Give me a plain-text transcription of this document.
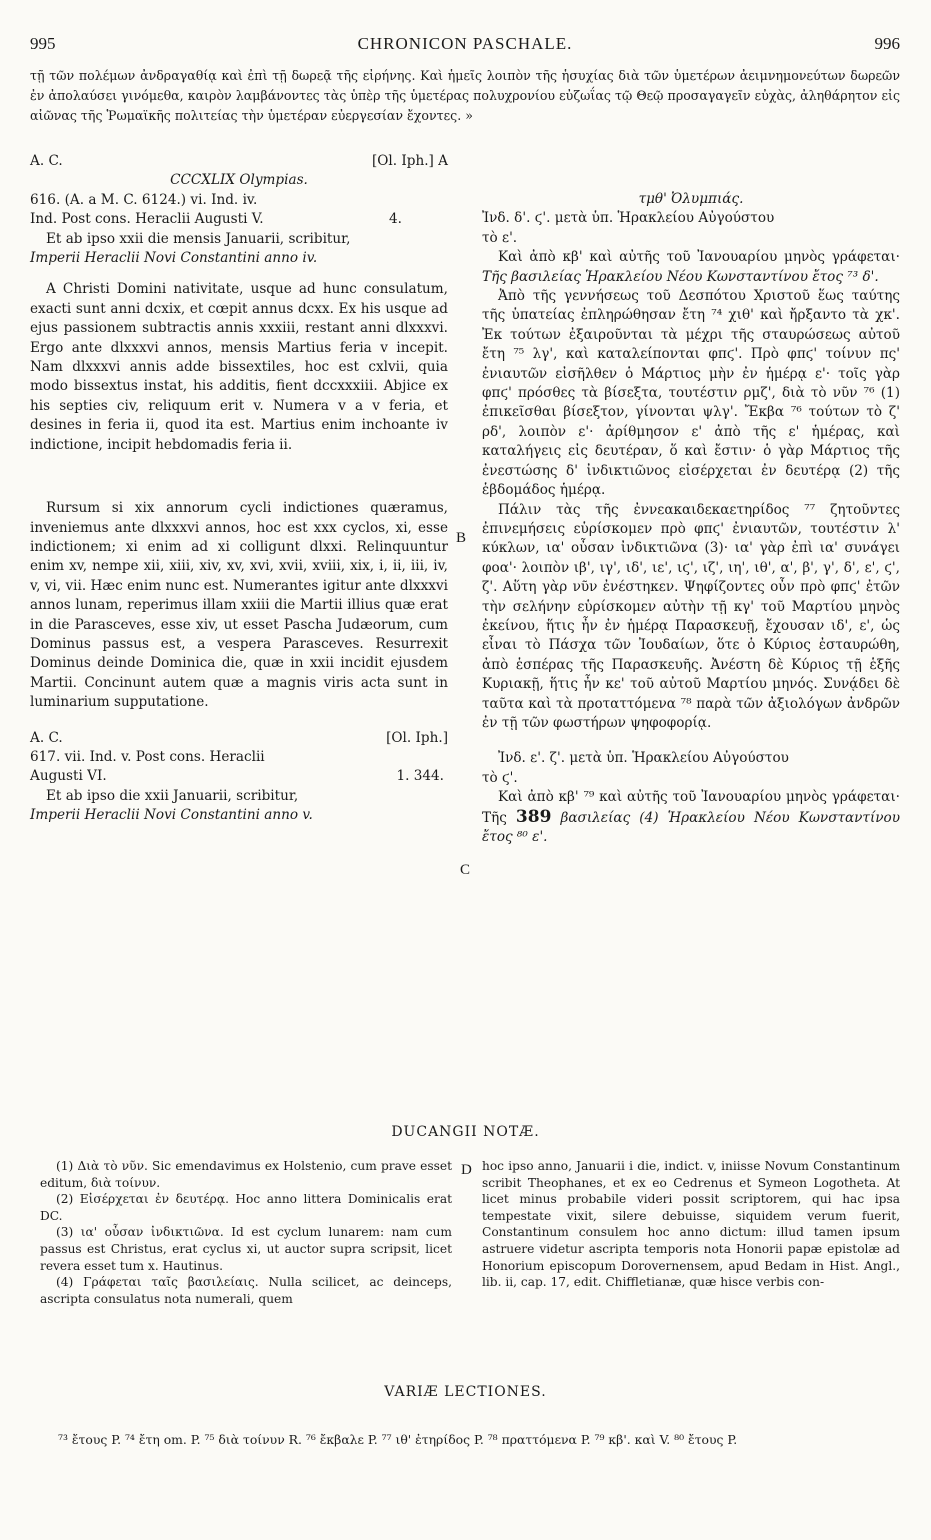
995	CHRONICON PASCHALE.	996

τῇ τῶν πολέμων ἀνδραγαθίᾳ καὶ ἐπὶ τῇ δωρεᾷ τῆς εἰρήνης. Καὶ ἡμεῖς λοιπὸν τῆς ἡσυχίας διὰ τῶν ὑμετέρων ἀειμνημονεύτων δωρεῶν ἐν ἀπολαύσει γινόμεθα, καιρὸν λαμβάνοντες τὰς ὑπὲρ τῆς ὑμετέρας πολυχρονίου εὐζωΐας τῷ Θεῷ προσαγαγεῖν εὐχὰς, ἀληθάρητον εἰς αἰῶνας τῆς Ῥωμαϊκῆς πολιτείας τὴν ὑμετέραν εὐεργεσίαν ἔχοντες. »

A. C.	[Ol. Iph.] A
CCCXLIX Olympias.
616. (A. a M. C. 6124.) vi. Ind. iv.
Ind. Post cons. Heraclii Augusti V.	4.

Et ab ipso xxii die mensis Januarii, scribitur,

Imperii Heraclii Novi Constantini anno iv.

A Christi Domini nativitate, usque ad hunc consulatum, exacti sunt anni dcxix, et cœpit annus dcxx. Ex his usque ad ejus passionem subtractis annis xxxiii, restant anni dlxxxvi. Ergo ante dlxxxvi annos, mensis Martius feria v incepit. Nam dlxxxvi annis adde bissextiles, hoc est cxlvii, quia modo bissextus instat, his additis, fient dccxxxiii. Abjice ex his septies civ, reliquum erit v. Numera v a v feria, et desines in feria ii, quod ita est. Martius enim inchoante iv indictione, incipit hebdomadis feria ii.

Rursum si xix annorum cycli indictiones quæramus, inveniemus ante dlxxxvi annos, hoc est xxx cyclos, xi, esse indictionem; xi enim ad xi colligunt dlxxi. Relinquuntur enim xv, nempe xii, xiii, xiv, xv, xvi, xvii, xviii, xix, i, ii, iii, iv, v, vi, vii. Hæc enim nunc est. Numerantes igitur ante dlxxxvi annos lunam, reperimus illam xxiii die Martii illius quæ erat in die Parasceves, esse xiv, ut esset Pascha Judæorum, cum Dominus passus est, a vespera Parasceves. Resurrexit Dominus deinde Dominica die, quæ in xxii incidit ejusdem Martii. Concinunt autem quæ a magnis viris acta sunt in luminarium supputatione.

A. C.	[Ol. Iph.]
617. vii. Ind. v. Post cons. Heraclii
Augusti VI.	1. 344.

Et ab ipso die xxii Januarii, scribitur,

Imperii Heraclii Novi Constantini anno v.

τμθ' Ὀλυμπιάς.
Ἰνδ. δ'. ϛ'. μετὰ ὑπ. Ἡρακλείου Αὐγούστου
τὸ ε'.

Καὶ ἀπὸ κβ' καὶ αὐτῆς τοῦ Ἰανουαρίου μηνὸς γράφεται· Τῆς βασιλείας Ἡρακλείου Νέου Κωνσταντίνου ἔτος ⁷³ δ'.

Ἀπὸ τῆς γεννήσεως τοῦ Δεσπότου Χριστοῦ ἕως ταύτης τῆς ὑπατείας ἐπληρώθησαν ἔτη ⁷⁴ χιθ' καὶ ἤρξαντο τὰ χκ'. Ἐκ τούτων ἐξαιροῦνται τὰ μέχρι τῆς σταυρώσεως αὐτοῦ ἔτη ⁷⁵ λγ', καὶ καταλείπονται φπϛ'. Πρὸ φπϛ' τοίνυν πς' ἐνιαυτῶν εἰσῆλθεν ὁ Μάρτιος μὴν ἐν ἡμέρᾳ ε'· τοῖς γὰρ φπϛ' πρόσθες τὰ βίσεξτα, τουτέστιν ρμζ', διὰ τὸ νῦν ⁷⁶ (1) ἐπικεῖσθαι βίσεξτον, γίνονται ψλγ'. Ἔκβα ⁷⁶ τούτων τὸ ζ' ρδ', λοιπὸν ε'· ἀρίθμησον ε' ἀπὸ τῆς ε' ἡμέρας, καὶ καταλήγεις εἰς δευτέραν, ὅ καὶ ἔστιν· ὁ γὰρ Μάρτιος τῆς ἐνεστώσης δ' ἰνδικτιῶνος εἰσέρχεται ἐν δευτέρᾳ (2) τῆς ἑβδομάδος ἡμέρᾳ.

Πάλιν τὰς τῆς ἐννεακαιδεκαετηρίδος ⁷⁷ ζητοῦντες ἐπινεμήσεις εὑρίσκομεν πρὸ φπϛ' ἐνιαυτῶν, τουτέστιν λ' κύκλων, ια' οὖσαν ἰνδικτιῶνα (3)· ια' γὰρ ἐπὶ ια' συνάγει φοα'· λοιπὸν ιβ', ιγ', ιδ', ιε', ιϛ', ιζ', ιη', ιθ', α', β', γ', δ', ε', ϛ', ζ'. Αὕτη γὰρ νῦν ἐνέστηκεν. Ψηφίζοντες οὖν πρὸ φπϛ' ἐτῶν τὴν σελήνην εὑρίσκομεν αὐτὴν τῇ κγ' τοῦ Μαρτίου μηνὸς ἐκείνου, ἥτις ἦν ἐν ἡμέρᾳ Παρασκευῇ, ἔχουσαν ιδ', ε', ὡς εἶναι τὸ Πάσχα τῶν Ἰουδαίων, ὅτε ὁ Κύριος ἐσταυρώθη, ἀπὸ ἑσπέρας τῆς Παρασκευῆς. Ἀνέστη δὲ Κύριος τῇ ἑξῆς Κυριακῇ, ἥτις ἦν κε' τοῦ αὐτοῦ Μαρτίου μηνός. Συνᾴδει δὲ ταῦτα καὶ τὰ προταττόμενα ⁷⁸ παρὰ τῶν ἀξιολόγων ἀνδρῶν ἐν τῇ τῶν φωστήρων ψηφοφορίᾳ.

Ἰνδ. ε'. ζ'. μετὰ ὑπ. Ἡρακλείου Αὐγούστου
τὸ ϛ'.

Καὶ ἀπὸ κβ' ⁷⁹ καὶ αὐτῆς τοῦ Ἰανουαρίου μηνὸς γράφεται· Τῆς 389 βασιλείας (4) Ἡρακλείου Νέου Κωνσταντίνου ἔτος ⁸⁰ ε'.

B
C
D
DUCANGII NOTÆ.

(1) Διὰ τὸ νῦν. Sic emendavimus ex Holstenio, cum prave esset editum, διὰ τοίνυν.

(2) Εἰσέρχεται ἐν δευτέρᾳ. Hoc anno littera Dominicalis erat DC.

(3) ια' οὖσαν ἰνδικτιῶνα. Id est cyclum lunarem: nam cum passus est Christus, erat cyclus xi, ut auctor supra scripsit, licet revera esset tum x. Hautinus.

(4) Γράφεται ταῖς βασιλείαις. Nulla scilicet, ac deinceps, ascripta consulatus nota numerali, quem

hoc ipso anno, Januarii i die, indict. v, iniisse Novum Constantinum scribit Theophanes, et ex eo Cedrenus et Symeon Logotheta. At licet minus probabile videri possit scriptorem, qui hac ipsa tempestate vixit, silere debuisse, siquidem verum fuerit, Constantinum consulem hoc anno dictum: illud tamen ipsum astruere videtur ascripta temporis nota Honorii papæ epistolæ ad Honorium episcopum Dorovernensem, apud Bedam in Hist. Angl., lib. ii, cap. 17, edit. Chiffletianæ, quæ hisce verbis con-

VARIÆ LECTIONES.

⁷³ ἔτους P. ⁷⁴ ἔτη om. P. ⁷⁵ διὰ τοίνυν R. ⁷⁶ ἔκβαλε P. ⁷⁷ ιθ' ἐτηρίδος P. ⁷⁸ πραττόμενα P. ⁷⁹ κβ'. καὶ V. ⁸⁰ ἔτους P.
